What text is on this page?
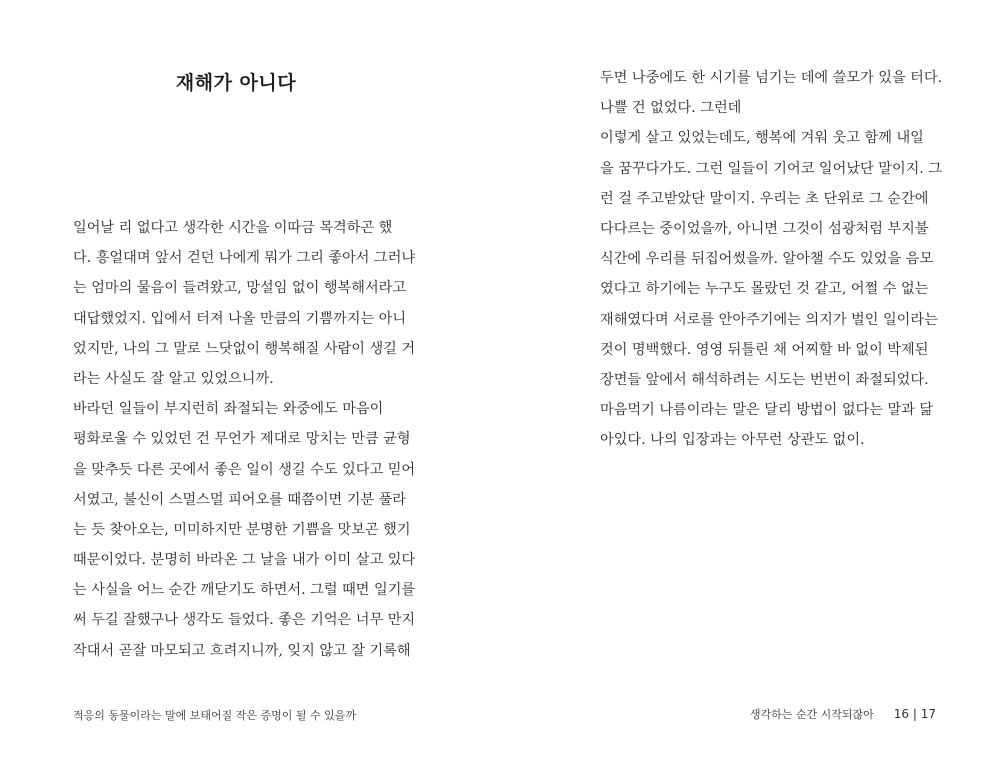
재해가 아니다
일어날 리 없다고 생각한 시간을 이따금 목격하곤 했
다. 흥얼대며 앞서 걷던 나에게 뭐가 그리 좋아서 그러냐
는 엄마의 물음이 들려왔고, 망설임 없이 행복해서라고
대답했었지. 입에서 터져 나올 만큼의 기쁨까지는 아니
었지만, 나의 그 말로 느닷없이 행복해질 사람이 생길 거
라는 사실도 잘 알고 있었으니까.
바라던 일들이 부지런히 좌절되는 와중에도 마음이
평화로울 수 있었던 건 무언가 제대로 망치는 만큼 균형
을 맞추듯 다른 곳에서 좋은 일이 생길 수도 있다고 믿어
서였고, 불신이 스멀스멀 피어오를 때쯤이면 기분 풀라
는 듯 찾아오는, 미미하지만 분명한 기쁨을 맛보곤 했기
때문이었다. 분명히 바라온 그 날을 내가 이미 살고 있다
는 사실을 어느 순간 깨닫기도 하면서. 그럴 때면 일기를
써 두길 잘했구나 생각도 들었다. 좋은 기억은 너무 만지
작대서 곧잘 마모되고 흐려지니까, 잊지 않고 잘 기록해
적응의 동물이라는 말에 보태어질 작은 증명이 될 수 있을까
두면 나중에도 한 시기를 넘기는 데에 쓸모가 있을 터다.
나쁠 건 없었다. 그런데
이렇게 살고 있었는데도, 행복에 겨워 웃고 함께 내일
을 꿈꾸다가도. 그런 일들이 기어코 일어났단 말이지. 그
런 걸 주고받았단 말이지. 우리는 초 단위로 그 순간에
다다르는 중이었을까, 아니면 그것이 섬광처럼 부지불
식간에 우리를 뒤집어썼을까. 알아챌 수도 있었을 음모
였다고 하기에는 누구도 몰랐던 것 같고, 어쩔 수 없는
재해였다며 서로를 안아주기에는 의지가 벌인 일이라는
것이 명백했다. 영영 뒤틀린 채 어찌할 바 없이 박제된
장면들 앞에서 해석하려는 시도는 번번이 좌절되었다.
마음먹기 나름이라는 말은 달리 방법이 없다는 말과 닮
아있다. 나의 입장과는 아무런 상관도 없이.
생각하는 순간 시작되잖아 16 | 17
